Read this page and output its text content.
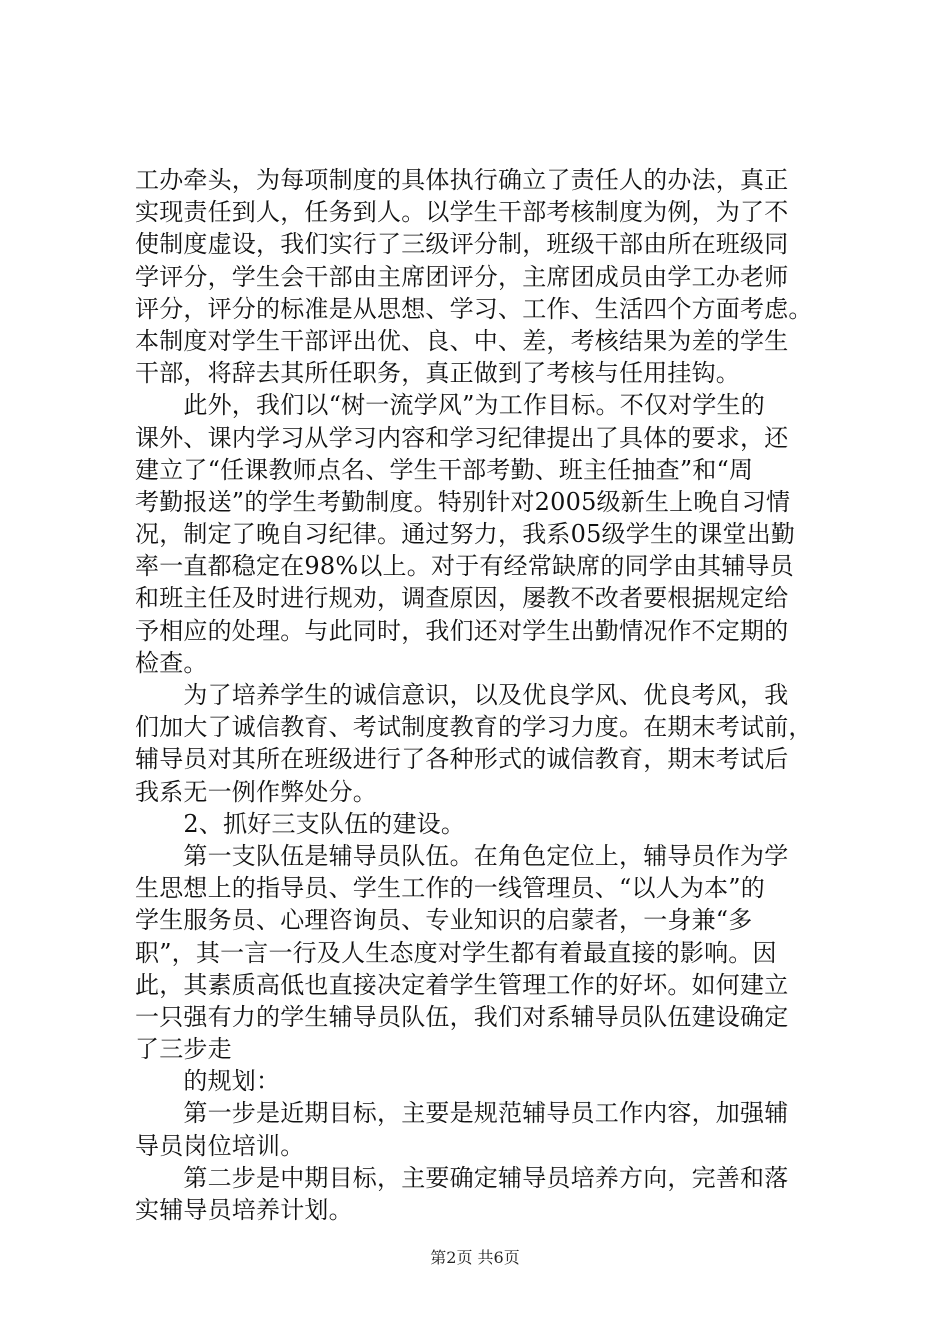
工办牵头，为每项制度的具体执行确立了责任人的办法，真正
实现责任到人，任务到人。以学生干部考核制度为例，为了不
使制度虚设，我们实行了三级评分制，班级干部由所在班级同
学评分，学生会干部由主席团评分，主席团成员由学工办老师
评分，评分的标准是从思想、学习、工作、生活四个方面考虑。
本制度对学生干部评出优、良、中、差，考核结果为差的学生
干部，将辞去其所任职务，真正做到了考核与任用挂钩。
　　此外，我们以“树一流学风”为工作目标。不仅对学生的
课外、课内学习从学习内容和学习纪律提出了具体的要求，还
建立了“任课教师点名、学生干部考勤、班主任抽查”和“周
考勤报送”的学生考勤制度。特别针对2005级新生上晚自习情
况，制定了晚自习纪律。通过努力，我系05级学生的课堂出勤
率一直都稳定在98%以上。对于有经常缺席的同学由其辅导员
和班主任及时进行规劝，调查原因，屡教不改者要根据规定给
予相应的处理。与此同时，我们还对学生出勤情况作不定期的
检查。
　　为了培养学生的诚信意识，以及优良学风、优良考风，我
们加大了诚信教育、考试制度教育的学习力度。在期末考试前，
辅导员对其所在班级进行了各种形式的诚信教育，期末考试后
我系无一例作弊处分。
　　2、抓好三支队伍的建设。
　　第一支队伍是辅导员队伍。在角色定位上，辅导员作为学
生思想上的指导员、学生工作的一线管理员、“以人为本”的
学生服务员、心理咨询员、专业知识的启蒙者，一身兼“多
职”，其一言一行及人生态度对学生都有着最直接的影响。因
此，其素质高低也直接决定着学生管理工作的好坏。如何建立
一只强有力的学生辅导员队伍，我们对系辅导员队伍建设确定
了三步走
　　的规划：
　　第一步是近期目标，主要是规范辅导员工作内容，加强辅
导员岗位培训。
　　第二步是中期目标，主要确定辅导员培养方向，完善和落
实辅导员培养计划。
第2页 共6页
